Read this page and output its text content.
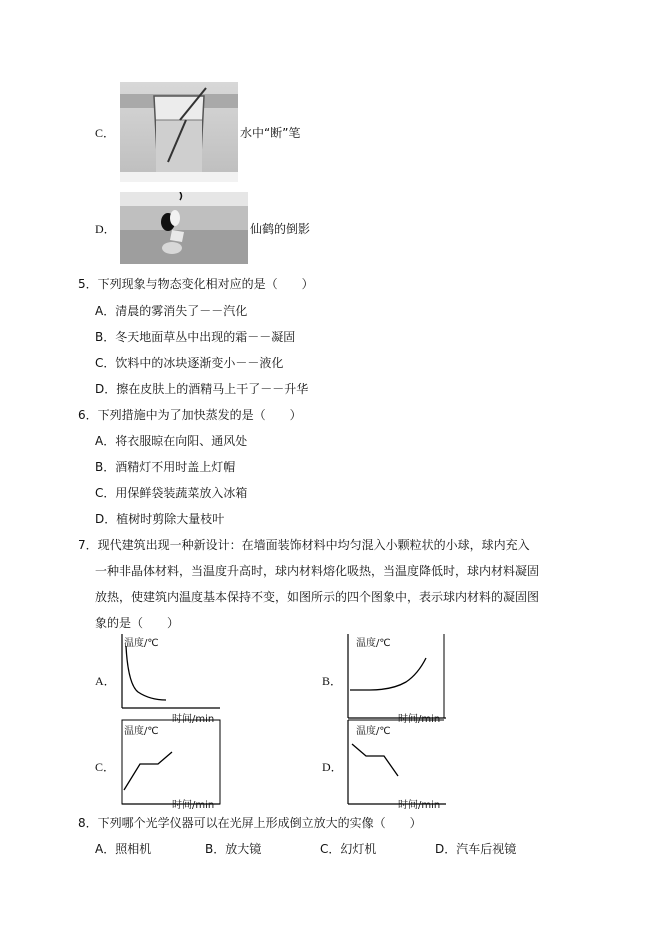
C．	水中“断”笔
D．	仙鹤的倒影
5．下列现象与物态变化相对应的是（　　）
A．清晨的雾消失了－－汽化
B．冬天地面草丛中出现的霜－－凝固
C．饮料中的冰块逐渐变小－－液化
D．擦在皮肤上的酒精马上干了－－升华
6．下列措施中为了加快蒸发的是（　　）
A．将衣服晾在向阳、通风处
B．酒精灯不用时盖上灯帽
C．用保鲜袋装蔬菜放入冰箱
D．植树时剪除大量枝叶
7．现代建筑出现一种新设计：在墙面装饰材料中均匀混入小颗粒状的小球，球内充入
一种非晶体材料，当温度升高时，球内材料熔化吸热，当温度降低时，球内材料凝固
放热，使建筑内温度基本保持不变，如图所示的四个图象中，表示球内材料的凝固图
象的是（　　）
A．
温度/℃
时间/min
B．
温度/℃
时间/min
C．
温度/℃
时间/min
D．
温度/℃
时间/min
8．下列哪个光学仪器可以在光屏上形成倒立放大的实像（　　）
A．照相机	B．放大镜	C．幻灯机	D．汽车后视镜
